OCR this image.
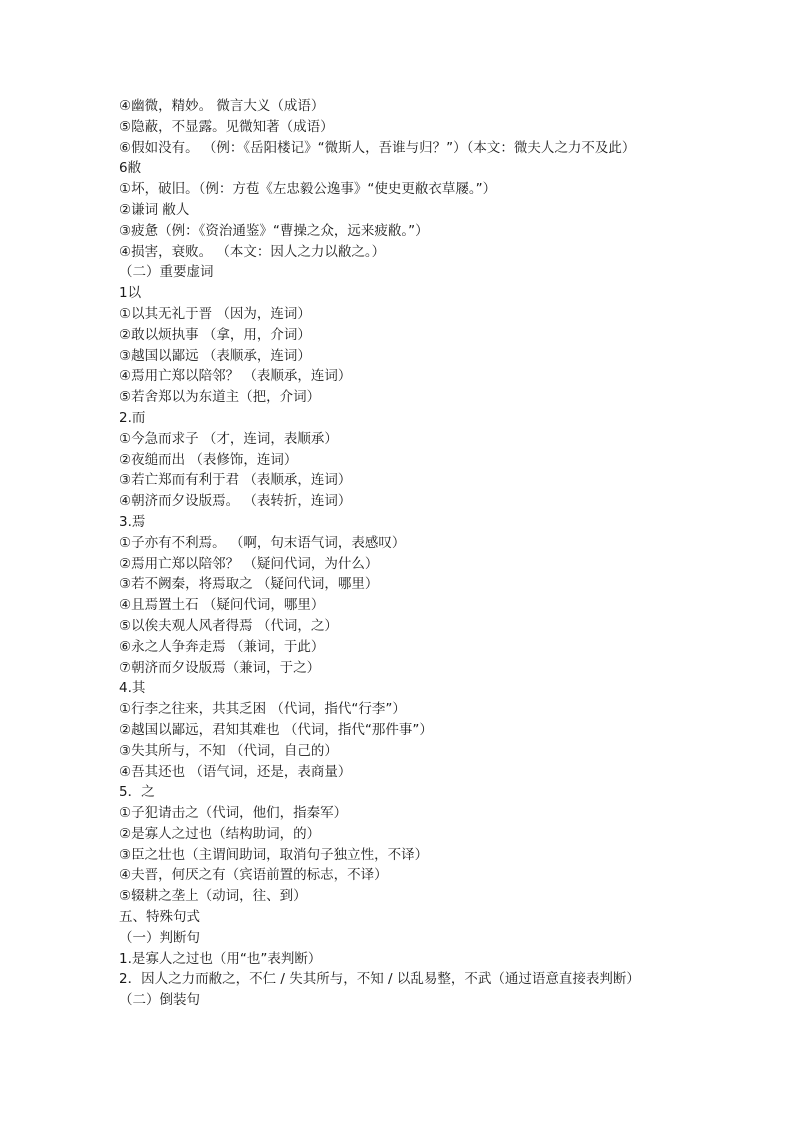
④幽微，精妙。 微言大义（成语）

⑤隐蔽，不显露。见微知著（成语）

⑥假如没有。 （例：《岳阳楼记》“微斯人，吾谁与归？”）（本文：微夫人之力不及此）

6敝

①坏，破旧。（例：方苞《左忠毅公逸事》“使史更敝衣草屦。”）

②谦词 敝人

③疲惫（例：《资治通鉴》“曹操之众，远来疲敝。”）

④损害，衰败。 （本文：因人之力以敝之。）

（二）重要虚词

1以

①以其无礼于晋 （因为，连词）

②敢以烦执事 （拿，用，介词）

③越国以鄙远 （表顺承，连词）

④焉用亡郑以陪邻？ （表顺承，连词）

⑤若舍郑以为东道主（把，介词）

2.而

①今急而求子 （才，连词，表顺承）

②夜缒而出 （表修饰，连词）

③若亡郑而有利于君 （表顺承，连词）

④朝济而夕设版焉。 （表转折，连词）

3.焉

①子亦有不利焉。 （啊，句末语气词，表感叹）

②焉用亡郑以陪邻？ （疑问代词，为什么）

③若不阙秦，将焉取之 （疑问代词，哪里）

④且焉置土石 （疑问代词，哪里）

⑤以俟夫观人风者得焉 （代词，之）

⑥永之人争奔走焉 （兼词，于此）

⑦朝济而夕设版焉（兼词，于之）

4.其

①行李之往来，共其乏困 （代词，指代“行李”）

②越国以鄙远，君知其难也 （代词，指代“那件事”）

③失其所与，不知 （代词，自己的）

④吾其还也 （语气词，还是，表商量）

5．之

①子犯请击之（代词，他们，指秦军）

②是寡人之过也（结构助词，的）

③臣之壮也（主谓间助词，取消句子独立性，不译）

④夫晋，何厌之有（宾语前置的标志，不译）

⑤辍耕之垄上（动词，往、到）

五、特殊句式

（一）判断句

1.是寡人之过也（用“也”表判断）

2．因人之力而敝之，不仁 / 失其所与，不知 / 以乱易整，不武（通过语意直接表判断）

（二）倒装句
